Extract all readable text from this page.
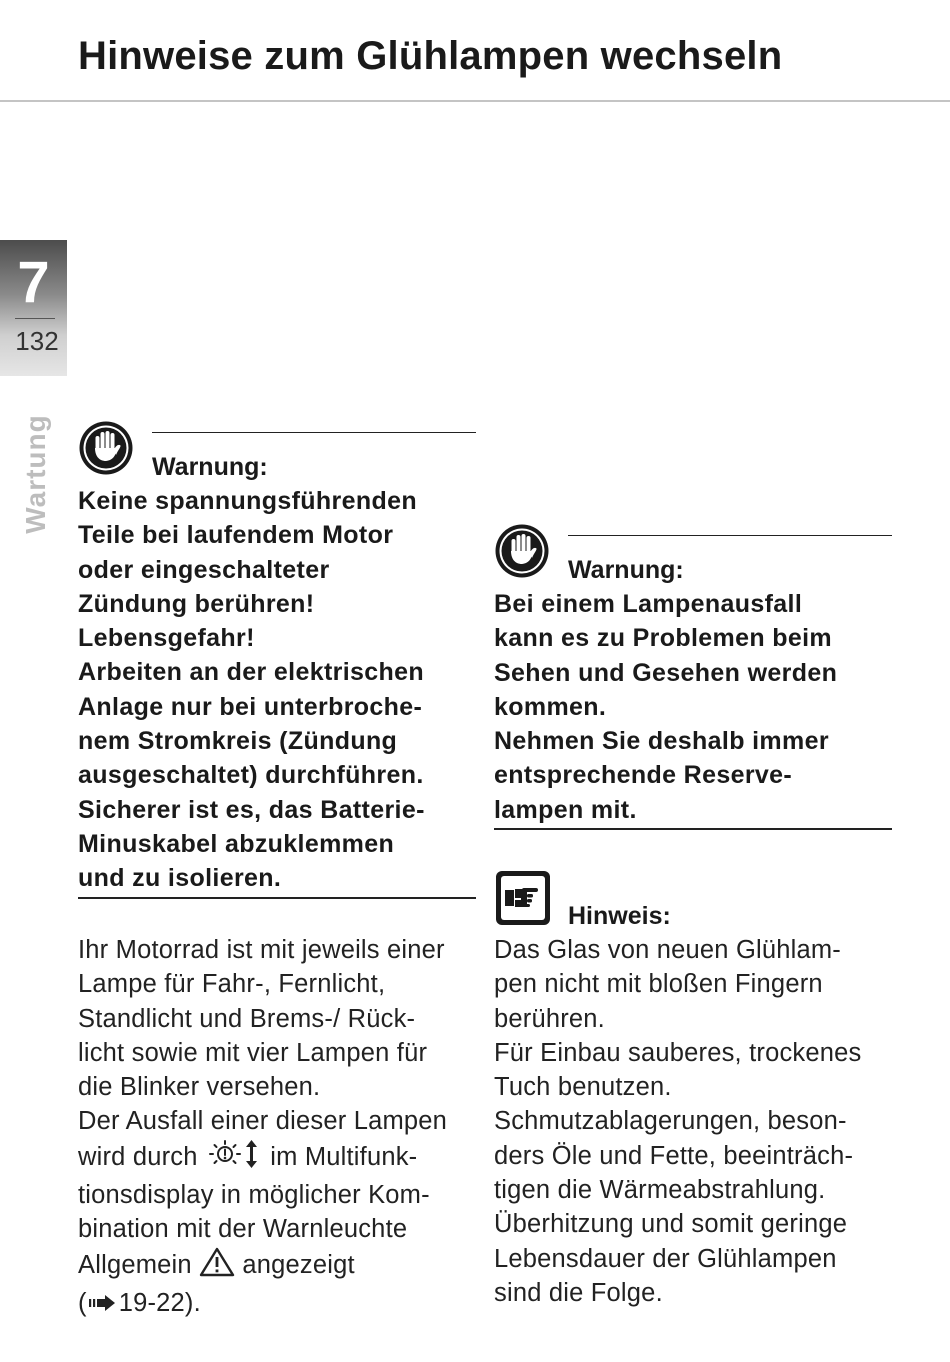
Hinweise zum Glühlampen wechseln
7
132
Wartung	Warnung:
Keine spannungsführenden
Teile bei laufendem Motor
oder eingeschalteter
Zündung berühren!
Lebensgefahr!
Arbeiten an der elektrischen
Anlage nur bei unterbroche-
nem Stromkreis (Zündung
ausgeschaltet) durchführen.
Sicherer ist es, das Batterie-
Minuskabel abzuklemmen
und zu isolieren.
Ihr Motorrad ist mit jeweils einer
Lampe für Fahr-, Fernlicht,
Standlicht und Brems-/ Rück-
licht sowie mit vier Lampen für
die Blinker versehen.
Der Ausfall einer dieser Lampen
wird durch	im Multifunk-
tionsdisplay in möglicher Kom-
bination mit der Warnleuchte
Allgemein angezeigt
( 19-22).
Warnung:
Bei einem Lampenausfall
kann es zu Problemen beim
Sehen und Gesehen werden
kommen.
Nehmen Sie deshalb immer
entsprechende Reserve-
lampen mit.
Hinweis:
Das Glas von neuen Glühlam-
pen nicht mit bloßen Fingern
berühren.
Für Einbau sauberes, trockenes
Tuch benutzen.
Schmutzablagerungen, beson-
ders Öle und Fette, beeinträch-
tigen die Wärmeabstrahlung.
Überhitzung und somit geringe
Lebensdauer der Glühlampen
sind die Folge.
